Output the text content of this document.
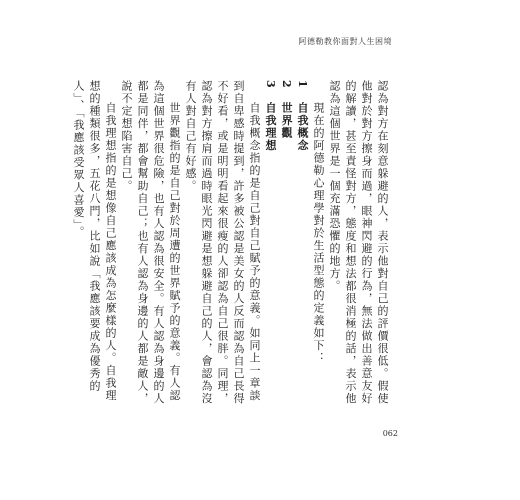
阿德勒教你面對人生困境

認為對方在刻意躲避的人，表示他對自己的評價很低。假使他對於對方擦身而過，眼神閃避的行為，無法做出善意友好的解讀，甚至責怪對方，態度和想法都很消極的話，表示他認為這個世界是一個充滿恐懼的地方。

現在的阿德勒心理學對於生活型態的定義如下：

1　自我概念

2　世界觀

3　自我理想

自我概念指的是自己對自己賦予的意義。如同上一章談到自卑感時提到，許多被公認是美女的人反而認為自己長得不好看，或是明明看起來很瘦的人卻認為自己很胖。同理，認為對方擦肩而過時眼光閃避是想躲避自己的人，會認為沒有人對自己有好感。

世界觀指的是自己對於周遭的世界賦予的意義。有人認為這個世界很危險，也有人認為很安全。有人認為身邊的人都是同伴，都會幫助自己；也有人認為身邊的人都是敵人，說不定想陷害自己。

自我理想指的是想像自己應該成為怎麼樣的人。自我理想的種類很多，五花八門，比如說「我應該要成為優秀的人」、「我應該受眾人喜愛」。

062
